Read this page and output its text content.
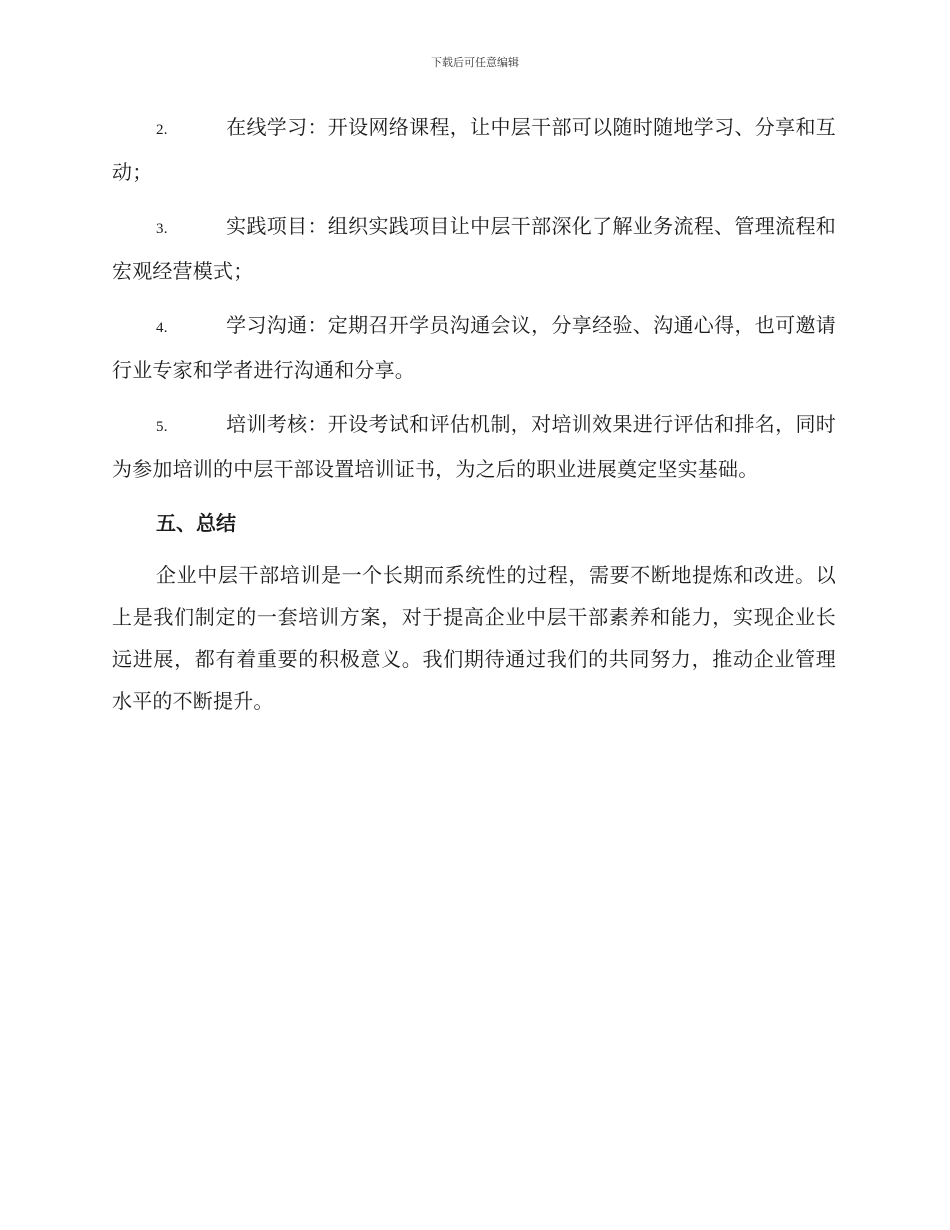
下载后可任意编辑

2.	在线学习：开设网络课程，让中层干部可以随时随地学习、分享和互动；

3.	实践项目：组织实践项目让中层干部深化了解业务流程、管理流程和宏观经营模式；

4.	学习沟通：定期召开学员沟通会议，分享经验、沟通心得，也可邀请行业专家和学者进行沟通和分享。

5.	培训考核：开设考试和评估机制，对培训效果进行评估和排名，同时为参加培训的中层干部设置培训证书，为之后的职业进展奠定坚实基础。

五、总结

企业中层干部培训是一个长期而系统性的过程，需要不断地提炼和改进。以上是我们制定的一套培训方案，对于提高企业中层干部素养和能力，实现企业长远进展，都有着重要的积极意义。我们期待通过我们的共同努力，推动企业管理水平的不断提升。
